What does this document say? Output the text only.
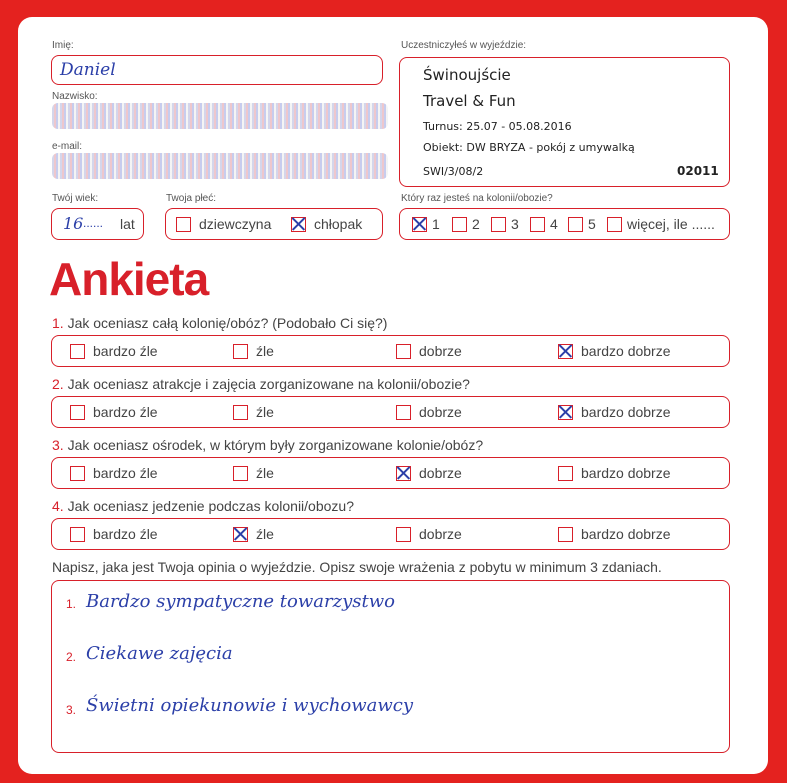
Imię:
Daniel
Nazwisko:
e-mail:
Uczestniczyłeś w wyjeździe:
Świnoujście
Travel & Fun
Turnus: 25.07 - 05.08.2016
Obiekt: DW BRYZA - pokój z umywalką
SWI/3/08/2	02011
Twój wiek:
16 ...... lat
Twoja płeć:
dziewczyna	chłopak
Który raz jesteś na kolonii/obozie?
1 2 3 4 5 więcej, ile ......
Ankieta
1. Jak oceniasz całą kolonię/obóz? (Podobało Ci się?)
bardzo źle	źle	dobrze	bardzo dobrze
2. Jak oceniasz atrakcje i zajęcia zorganizowane na kolonii/obozie?
bardzo źle	źle	dobrze	bardzo dobrze
3. Jak oceniasz ośrodek, w którym były zorganizowane kolonie/obóz?
bardzo źle	źle	dobrze	bardzo dobrze
4. Jak oceniasz jedzenie podczas kolonii/obozu?
bardzo źle	źle	dobrze	bardzo dobrze
Napisz, jaka jest Twoja opinia o wyjeździe. Opisz swoje wrażenia z pobytu w minimum 3 zdaniach.
1. Bardzo sympatyczne towarzystwo
2. Ciekawe zajęcia
3. Świetni opiekunowie i wychowawcy
